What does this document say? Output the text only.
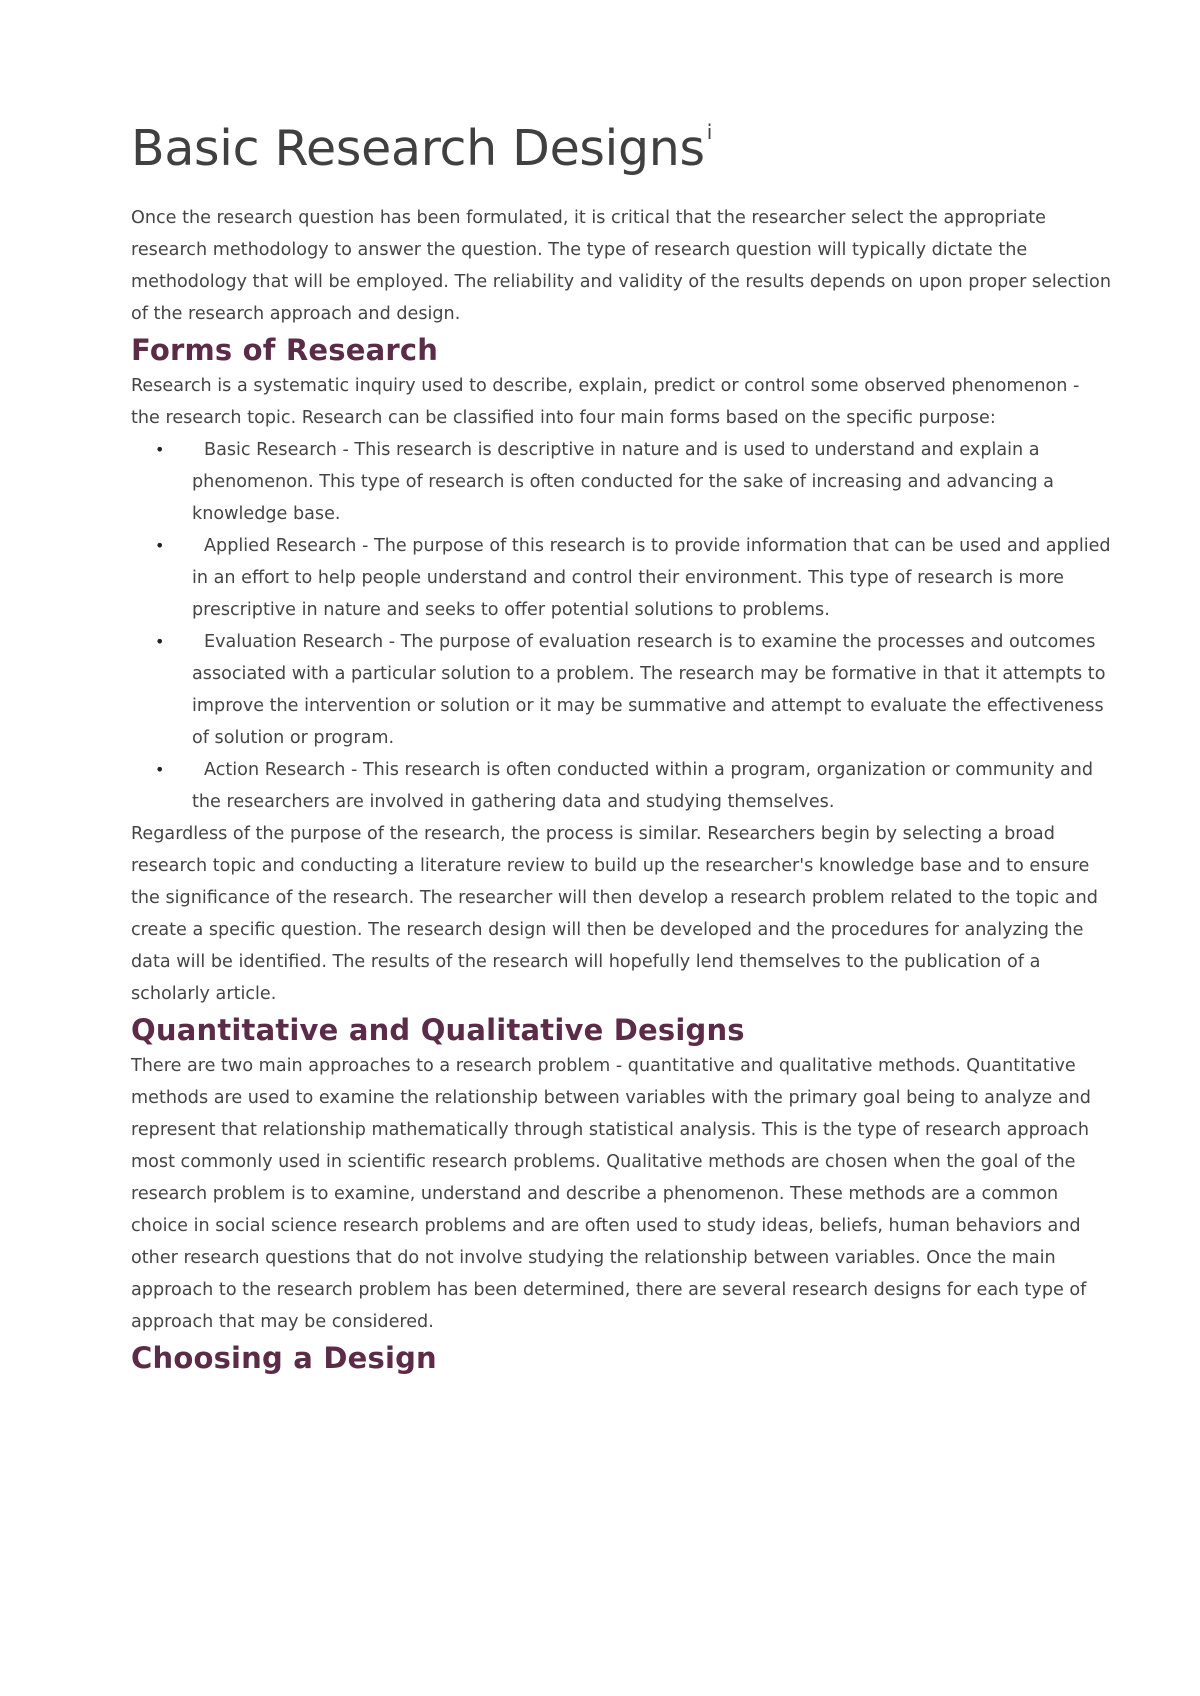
Basic Research Designs $^i$

Once the research question has been formulated, it is critical that the researcher select the appropriate research methodology to answer the question. The type of research question will typically dictate the methodology that will be employed. The reliability and validity of the results depends on upon proper selection of the research approach and design.

Forms of Research

Research is a systematic inquiry used to describe, explain, predict or control some observed phenomenon - the research topic. Research can be classified into four main forms based on the specific purpose:

• Basic Research - This research is descriptive in nature and is used to understand and explain a phenomenon. This type of research is often conducted for the sake of increasing and advancing a knowledge base.
• Applied Research - The purpose of this research is to provide information that can be used and applied in an effort to help people understand and control their environment. This type of research is more prescriptive in nature and seeks to offer potential solutions to problems.
• Evaluation Research - The purpose of evaluation research is to examine the processes and outcomes associated with a particular solution to a problem. The research may be formative in that it attempts to improve the intervention or solution or it may be summative and attempt to evaluate the effectiveness of solution or program.
• Action Research - This research is often conducted within a program, organization or community and the researchers are involved in gathering data and studying themselves.

Regardless of the purpose of the research, the process is similar. Researchers begin by selecting a broad research topic and conducting a literature review to build up the researcher's knowledge base and to ensure the significance of the research. The researcher will then develop a research problem related to the topic and create a specific question. The research design will then be developed and the procedures for analyzing the data will be identified. The results of the research will hopefully lend themselves to the publication of a scholarly article.

Quantitative and Qualitative Designs

There are two main approaches to a research problem - quantitative and qualitative methods. Quantitative methods are used to examine the relationship between variables with the primary goal being to analyze and represent that relationship mathematically through statistical analysis. This is the type of research approach most commonly used in scientific research problems. Qualitative methods are chosen when the goal of the research problem is to examine, understand and describe a phenomenon. These methods are a common choice in social science research problems and are often used to study ideas, beliefs, human behaviors and other research questions that do not involve studying the relationship between variables. Once the main approach to the research problem has been determined, there are several research designs for each type of approach that may be considered.

Choosing a Design
